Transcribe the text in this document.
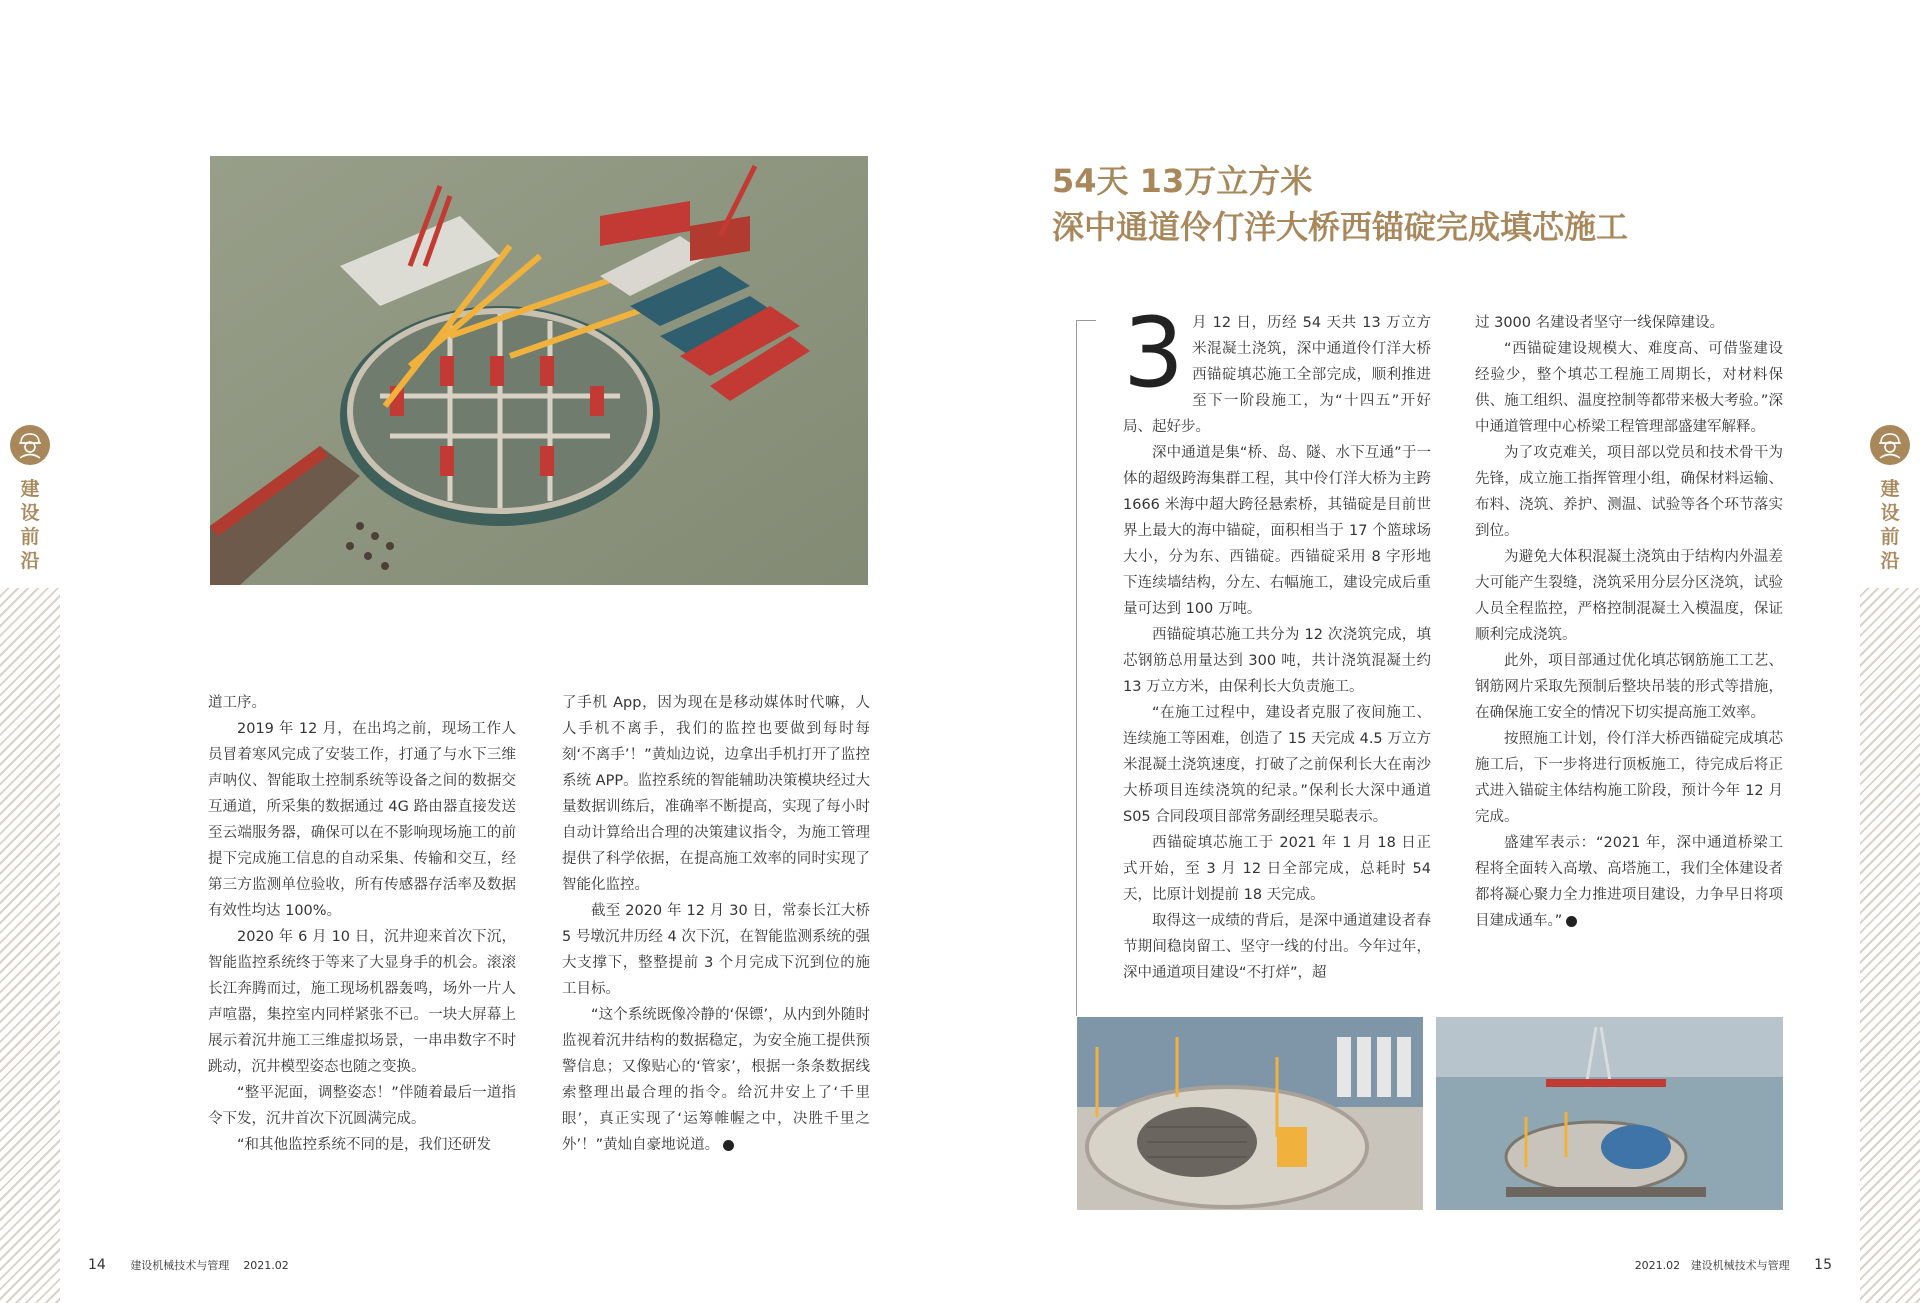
建设前沿
建设前沿

道工序。

2019 年 12 月，在出坞之前，现场工作人员冒着寒风完成了安装工作，打通了与水下三维声呐仪、智能取土控制系统等设备之间的数据交互通道，所采集的数据通过 4G 路由器直接发送至云端服务器，确保可以在不影响现场施工的前提下完成施工信息的自动采集、传输和交互，经第三方监测单位验收，所有传感器存活率及数据有效性均达 100%。

2020 年 6 月 10 日，沉井迎来首次下沉，智能监控系统终于等来了大显身手的机会。滚滚长江奔腾而过，施工现场机器轰鸣，场外一片人声喧嚣，集控室内同样紧张不已。一块大屏幕上展示着沉井施工三维虚拟场景，一串串数字不时跳动，沉井模型姿态也随之变换。

“整平泥面，调整姿态！”伴随着最后一道指令下发，沉井首次下沉圆满完成。

“和其他监控系统不同的是，我们还研发

了手机 App，因为现在是移动媒体时代嘛，人人手机不离手，我们的监控也要做到每时每刻‘不离手’！”黄灿边说，边拿出手机打开了监控系统 APP。监控系统的智能辅助决策模块经过大量数据训练后，准确率不断提高，实现了每小时自动计算给出合理的决策建议指令，为施工管理提供了科学依据，在提高施工效率的同时实现了智能化监控。

截至 2020 年 12 月 30 日，常泰长江大桥 5 号墩沉井历经 4 次下沉，在智能监测系统的强大支撑下，整整提前 3 个月完成下沉到位的施工目标。

“这个系统既像冷静的‘保镖’，从内到外随时监视着沉井结构的数据稳定，为安全施工提供预警信息；又像贴心的‘管家’，根据一条条数据线索整理出最合理的指令。给沉井安上了‘千里眼’，真正实现了‘运筹帷幄之中，决胜千里之外’！”黄灿自豪地说道。

54天 13万立方米
深中通道伶仃洋大桥西锚碇完成填芯施工

3 月 12 日，历经 54 天共 13 万立方米混凝土浇筑，深中通道伶仃洋大桥西锚碇填芯施工全部完成，顺利推进至下一阶段施工，为“十四五”开好局、起好步。

深中通道是集“桥、岛、隧、水下互通”于一体的超级跨海集群工程，其中伶仃洋大桥为主跨 1666 米海中超大跨径悬索桥，其锚碇是目前世界上最大的海中锚碇，面积相当于 17 个篮球场大小，分为东、西锚碇。西锚碇采用 8 字形地下连续墙结构，分左、右幅施工，建设完成后重量可达到 100 万吨。

西锚碇填芯施工共分为 12 次浇筑完成，填芯钢筋总用量达到 300 吨，共计浇筑混凝土约 13 万立方米，由保利长大负责施工。

“在施工过程中，建设者克服了夜间施工、连续施工等困难，创造了 15 天完成 4.5 万立方米混凝土浇筑速度，打破了之前保利长大在南沙大桥项目连续浇筑的纪录。”保利长大深中通道 S05 合同段项目部常务副经理吴聪表示。

西锚碇填芯施工于 2021 年 1 月 18 日正式开始，至 3 月 12 日全部完成，总耗时 54 天，比原计划提前 18 天完成。

取得这一成绩的背后，是深中通道建设者春节期间稳岗留工、坚守一线的付出。今年过年，深中通道项目建设“不打烊”，超

过 3000 名建设者坚守一线保障建设。

“西锚碇建设规模大、难度高、可借鉴建设经验少，整个填芯工程施工周期长，对材料保供、施工组织、温度控制等都带来极大考验。”深中通道管理中心桥梁工程管理部盛建军解释。

为了攻克难关，项目部以党员和技术骨干为先锋，成立施工指挥管理小组，确保材料运输、布料、浇筑、养护、测温、试验等各个环节落实到位。

为避免大体积混凝土浇筑由于结构内外温差大可能产生裂缝，浇筑采用分层分区浇筑，试验人员全程监控，严格控制混凝土入模温度，保证顺利完成浇筑。

此外，项目部通过优化填芯钢筋施工工艺、钢筋网片采取先预制后整块吊装的形式等措施，在确保施工安全的情况下切实提高施工效率。

按照施工计划，伶仃洋大桥西锚碇完成填芯施工后，下一步将进行顶板施工，待完成后将正式进入锚碇主体结构施工阶段，预计今年 12 月完成。

盛建军表示：“2021 年，深中通道桥梁工程将全面转入高墩、高塔施工，我们全体建设者都将凝心聚力全力推进项目建设，力争早日将项目建成通车。”

14 建设机械技术与管理 2021.02	2021.02 建设机械技术与管理 15
